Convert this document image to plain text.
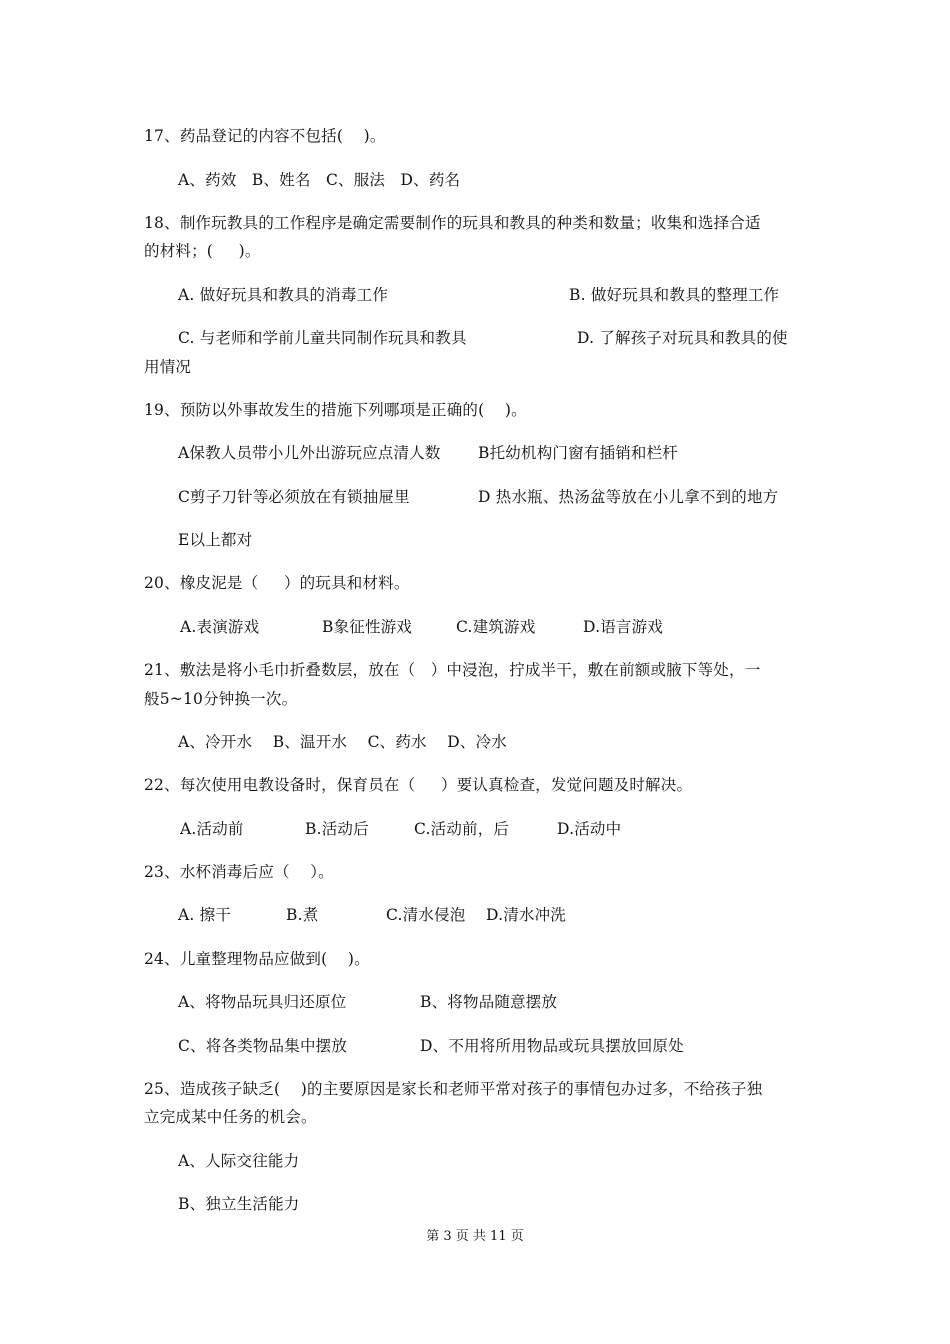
17、药品登记的内容不包括(    )。
A、药效   B、姓名   C、服法   D、药名
18、制作玩教具的工作程序是确定需要制作的玩具和教具的种类和数量；收集和选择合适
的材料；(     )。
A. 做好玩具和教具的消毒工作	B. 做好玩具和教具的整理工作
C. 与老师和学前儿童共同制作玩具和教具	D. 了解孩子对玩具和教具的使
用情况
19、预防以外事故发生的措施下列哪项是正确的(    )。
A保教人员带小儿外出游玩应点清人数 B托幼机构门窗有插销和栏杆
C剪子刀针等必须放在有锁抽屉里	D 热水瓶、热汤盆等放在小儿拿不到的地方
E以上都对
20、橡皮泥是（     ）的玩具和材料。
A.表演游戏	B象征性游戏	C.建筑游戏	D.语言游戏
21、敷法是将小毛巾折叠数层，放在（   ）中浸泡，拧成半干，敷在前额或腋下等处，一
般5~10分钟换一次。
A、冷开水    B、温开水    C、药水    D、冷水
22、每次使用电教设备时，保育员在（     ）要认真检查，发觉问题及时解决。
A.活动前	B.活动后	C.活动前，后	D.活动中
23、水杯消毒后应（    ）。
A. 擦干	B.煮	C.清水侵泡 D.清水冲洗
24、儿童整理物品应做到(    )。
A、将物品玩具归还原位	B、将物品随意摆放
C、将各类物品集中摆放	D、不用将所用物品或玩具摆放回原处
25、造成孩子缺乏(    )的主要原因是家长和老师平常对孩子的事情包办过多，不给孩子独
立完成某中任务的机会。
A、人际交往能力
B、独立生活能力
第 3 页 共 11 页
